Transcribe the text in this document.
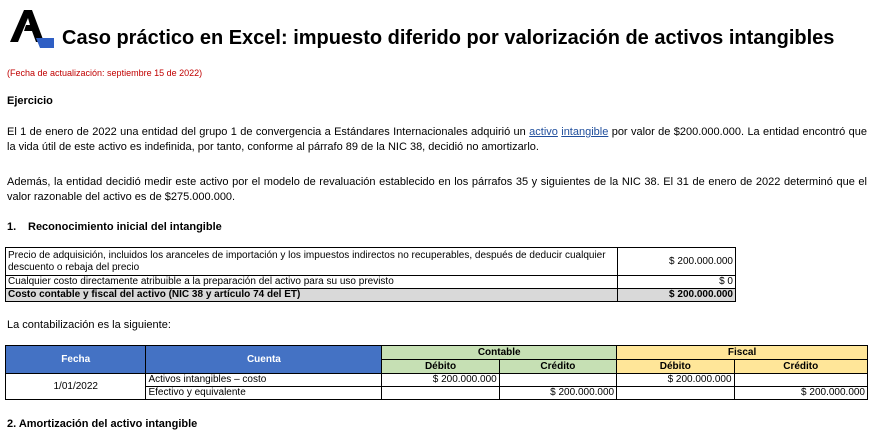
Caso práctico en Excel: impuesto diferido por valorización de activos intangibles
(Fecha de actualización: septiembre 15 de 2022)
Ejercicio
El 1 de enero de 2022 una entidad del grupo 1 de convergencia a Estándares Internacionales adquirió un activo intangible por valor de $200.000.000. La entidad encontró que la vida útil de este activo es indefinida, por tanto, conforme al párrafo 89 de la NIC 38, decidió no amortizarlo.
Además, la entidad decidió medir este activo por el modelo de revaluación establecido en los párrafos 35 y siguientes de la NIC 38. El 31 de enero de 2022 determinó que el valor razonable del activo es de $275.000.000.
1. Reconocimiento inicial del intangible
Precio de adquisición, incluidos los aranceles de importación y los impuestos indirectos no recuperables, después de deducir cualquier descuento o rebaja del precio	$ 200.000.000
Cualquier costo directamente atribuible a la preparación del activo para su uso previsto	$ 0
Costo contable y fiscal del activo (NIC 38 y artículo 74 del ET)	$ 200.000.000
La contabilización es la siguiente:
Fecha	Cuenta	Contable		Fiscal	
		Débito	Crédito	Débito	Crédito
1/01/2022	Activos intangibles – costo	$ 200.000.000		$ 200.000.000	
	Efectivo y equivalente		$ 200.000.000		$ 200.000.000
2. Amortización del activo intangible
